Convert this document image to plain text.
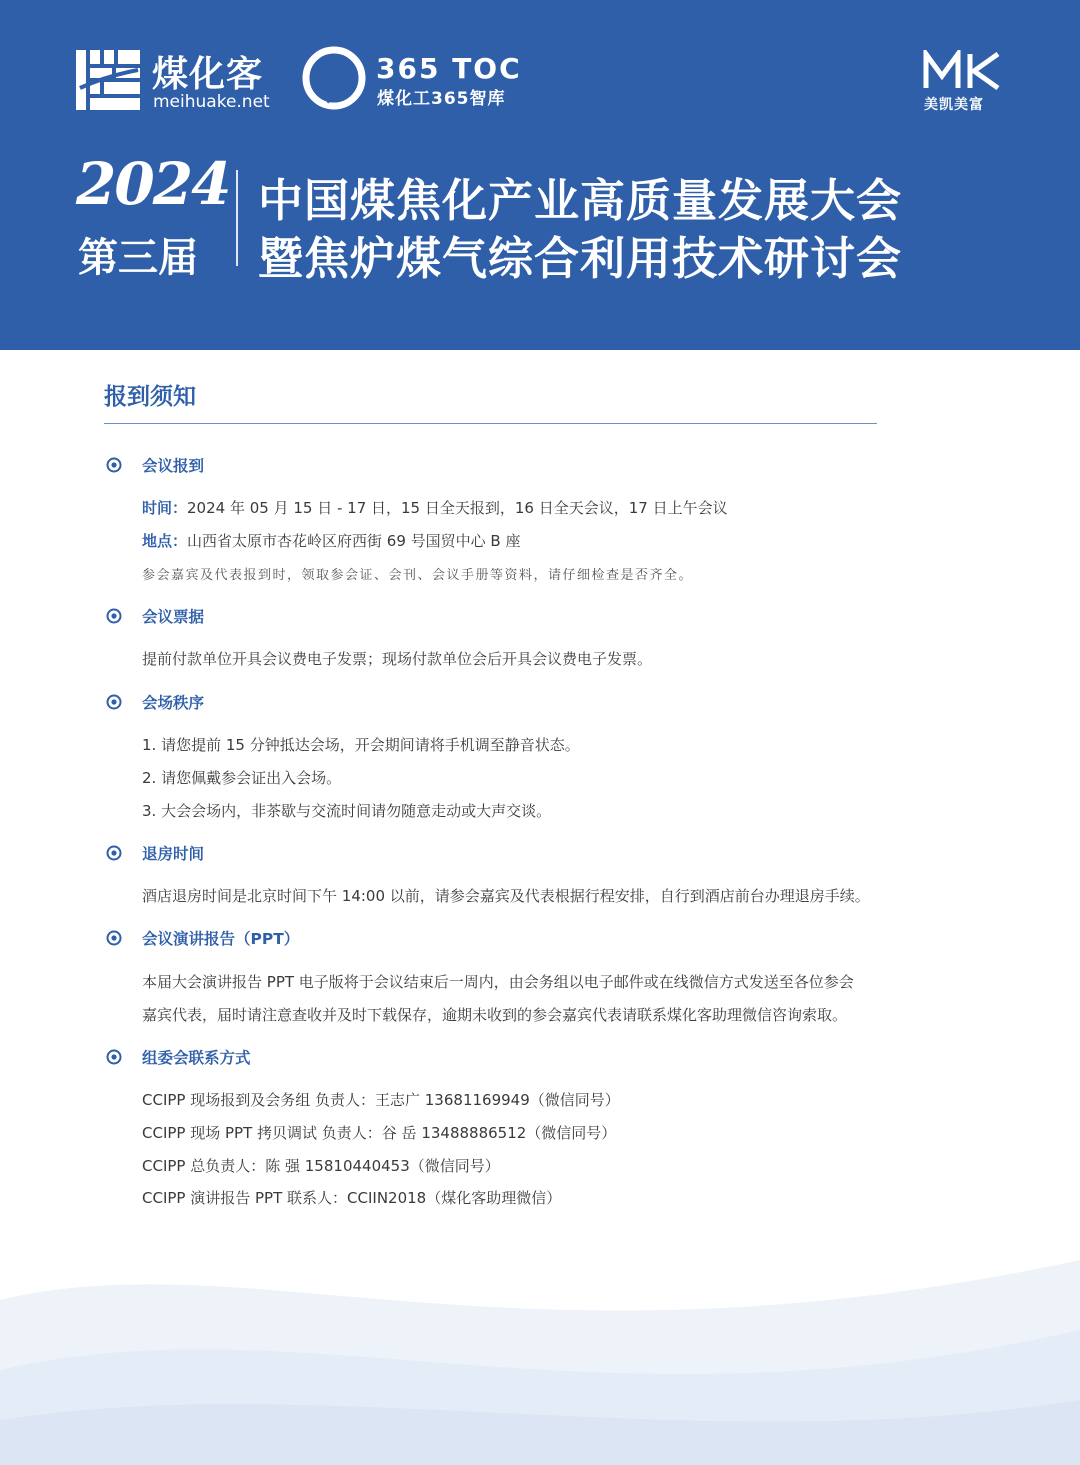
煤化客
meihuake.net
365 TOC
煤化工365智库	美凯美富
2024
第三届
中国煤焦化产业高质量发展大会
暨焦炉煤气综合利用技术研讨会
报到须知
会议报到
时间：2024 年 05 月 15 日 - 17 日，15 日全天报到，16 日全天会议，17 日上午会议
地点：山西省太原市杏花岭区府西街 69 号国贸中心 B 座
参会嘉宾及代表报到时，领取参会证、会刊、会议手册等资料，请仔细检查是否齐全。
会议票据
提前付款单位开具会议费电子发票；现场付款单位会后开具会议费电子发票。
会场秩序
1. 请您提前 15 分钟抵达会场，开会期间请将手机调至静音状态。
2. 请您佩戴参会证出入会场。
3. 大会会场内，非茶歇与交流时间请勿随意走动或大声交谈。
退房时间
酒店退房时间是北京时间下午 14:00 以前，请参会嘉宾及代表根据行程安排，自行到酒店前台办理退房手续。
会议演讲报告（PPT）
本届大会演讲报告 PPT 电子版将于会议结束后一周内，由会务组以电子邮件或在线微信方式发送至各位参会
嘉宾代表，届时请注意查收并及时下载保存，逾期未收到的参会嘉宾代表请联系煤化客助理微信咨询索取。
组委会联系方式
CCIPP 现场报到及会务组 负责人：王志广 13681169949（微信同号）
CCIPP 现场 PPT 拷贝调试 负责人：谷 岳 13488886512（微信同号）
CCIPP 总负责人：陈 强 15810440453（微信同号）
CCIPP 演讲报告 PPT 联系人：CCIIN2018（煤化客助理微信）
